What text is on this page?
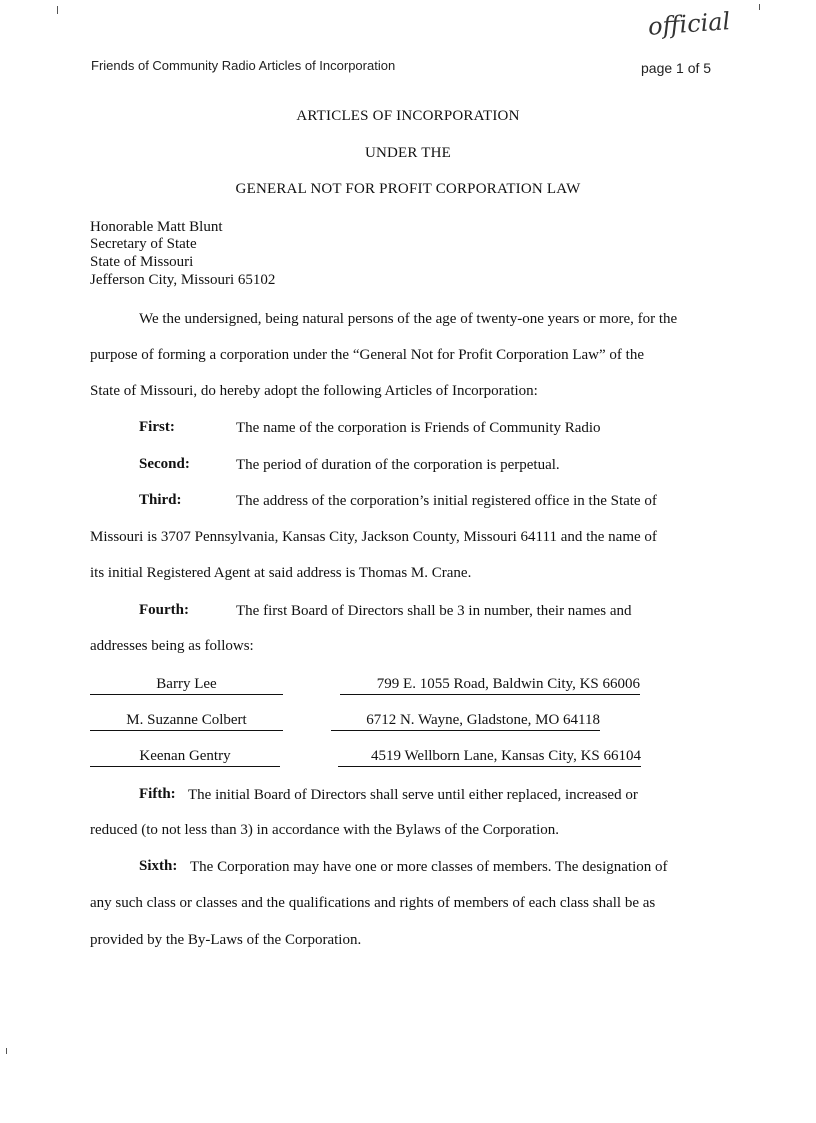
official
Friends of Community Radio Articles of Incorporation	page 1 of 5
ARTICLES OF INCORPORATION
UNDER THE
GENERAL NOT FOR PROFIT CORPORATION LAW
Honorable Matt Blunt
Secretary of State
State of Missouri
Jefferson City, Missouri 65102
We the undersigned, being natural persons of the age of twenty-one years or more, for the
purpose of forming a corporation under the “General Not for Profit Corporation Law” of the
State of Missouri, do hereby adopt the following Articles of Incorporation:
First:	The name of the corporation is Friends of Community Radio
Second:	The period of duration of the corporation is perpetual.
Third:	The address of the corporation’s initial registered office in the State of
Missouri is 3707 Pennsylvania, Kansas City, Jackson County, Missouri 64111 and the name of
its initial Registered Agent at said address is Thomas M. Crane.
Fourth:	The first Board of Directors shall be 3 in number, their names and
addresses being as follows:
Barry Lee	799 E. 1055 Road, Baldwin City, KS 66006
M. Suzanne Colbert	6712 N. Wayne, Gladstone, MO 64118
Keenan Gentry	4519 Wellborn Lane, Kansas City, KS 66104
Fifth: The initial Board of Directors shall serve until either replaced, increased or
reduced (to not less than 3) in accordance with the Bylaws of the Corporation.
Sixth: The Corporation may have one or more classes of members. The designation of
any such class or classes and the qualifications and rights of members of each class shall be as
provided by the By-Laws of the Corporation.
